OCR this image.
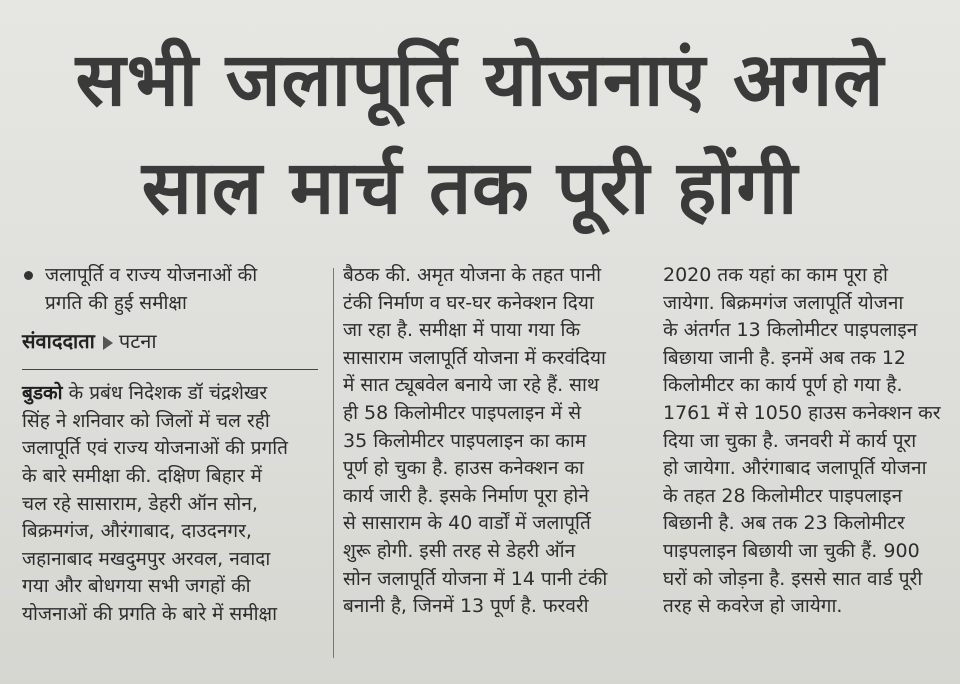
सभी जलापूर्ति योजनाएं अगले
साल मार्च तक पूरी होंगी

जलापूर्ति व राज्य योजनाओं की

प्रगति की हुई समीक्षा

संवाददाता पटना

बुडको के प्रबंध निदेशक डॉ चंद्रशेखर

सिंह ने शनिवार को जिलों में चल रही

जलापूर्ति एवं राज्य योजनाओं की प्रगति

के बारे समीक्षा की. दक्षिण बिहार में

चल रहे सासाराम, डेहरी ऑन सोन,

बिक्रमगंज, औरंगाबाद, दाउदनगर,

जहानाबाद मखदुमपुर अरवल, नवादा

गया और बोधगया सभी जगहों की

योजनाओं की प्रगति के बारे में समीक्षा

बैठक की. अमृत योजना के तहत पानी

टंकी निर्माण व घर-घर कनेक्शन दिया

जा रहा है. समीक्षा में पाया गया कि

सासाराम जलापूर्ति योजना में करवंदिया

में सात ट्यूबवेल बनाये जा रहे हैं. साथ

ही 58 किलोमीटर पाइपलाइन में से

35 किलोमीटर पाइपलाइन का काम

पूर्ण हो चुका है. हाउस कनेक्शन का

कार्य जारी है. इसके निर्माण पूरा होने

से सासाराम के 40 वार्डों में जलापूर्ति

शुरू होगी. इसी तरह से डेहरी ऑन

सोन जलापूर्ति योजना में 14 पानी टंकी

बनानी है, जिनमें 13 पूर्ण है. फरवरी

2020 तक यहां का काम पूरा हो

जायेगा. बिक्रमगंज जलापूर्ति योजना

के अंतर्गत 13 किलोमीटर पाइपलाइन

बिछाया जानी है. इनमें अब तक 12

किलोमीटर का कार्य पूर्ण हो गया है.

1761 में से 1050 हाउस कनेक्शन कर

दिया जा चुका है. जनवरी में कार्य पूरा

हो जायेगा. औरंगाबाद जलापूर्ति योजना

के तहत 28 किलोमीटर पाइपलाइन

बिछानी है. अब तक 23 किलोमीटर

पाइपलाइन बिछायी जा चुकी हैं. 900

घरों को जोड़ना है. इससे सात वार्ड पूरी

तरह से कवरेज हो जायेगा.
